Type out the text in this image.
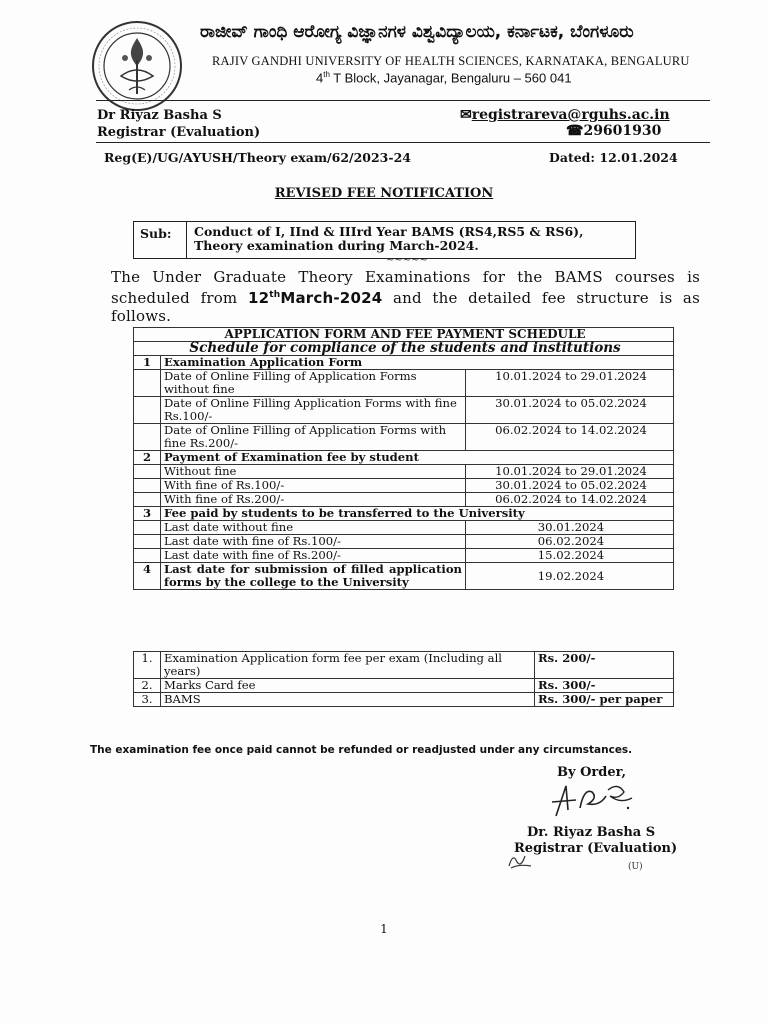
ರಾಜೀವ್ ಗಾಂಧಿ ಆರೋಗ್ಯ ವಿಜ್ಞಾನಗಳ ವಿಶ್ವವಿದ್ಯಾಲಯ, ಕರ್ನಾಟಕ, ಬೆಂಗಳೂರು
RAJIV GANDHI UNIVERSITY OF HEALTH SCIENCES, KARNATAKA, BENGALURU
4th T Block, Jayanagar, Bengaluru – 560 041
Dr Riyaz Basha S
Registrar (Evaluation)
✉registrareva@rguhs.ac.in
☎29601930
Reg(E)/UG/AYUSH/Theory exam/62/2023-24	Dated: 12.01.2024
REVISED FEE NOTIFICATION
Sub: Conduct of I, IInd & IIIrd Year BAMS (RS4,RS5 & RS6), Theory examination during March-2024.
~~~~~
The Under Graduate Theory Examinations for the BAMS courses is scheduled from 12thMarch-2024 and the detailed fee structure is as follows.
APPLICATION FORM AND FEE PAYMENT SCHEDULE		
Schedule for compliance of the students and institutions		
1	Examination Application Form	
	Date of Online Filling of Application Forms without fine	10.01.2024 to 29.01.2024
	Date of Online Filling Application Forms with fine Rs.100/-	30.01.2024 to 05.02.2024
	Date of Online Filling of Application Forms with fine Rs.200/-	06.02.2024 to 14.02.2024
2	Payment of Examination fee by student	
	Without fine	10.01.2024 to 29.01.2024
	With fine of Rs.100/-	30.01.2024 to 05.02.2024
	With fine of Rs.200/-	06.02.2024 to 14.02.2024
3	Fee paid by students to be transferred to the University	
	Last date without fine	30.01.2024
	Last date with fine of Rs.100/-	06.02.2024
	Last date with fine of Rs.200/-	15.02.2024
4	Last date for submission of filled application forms by the college to the University	19.02.2024
1.	Examination Application form fee per exam (Including all years)	Rs. 200/-
2.	Marks Card fee	Rs. 300/-
3.	BAMS	Rs. 300/- per paper
The examination fee once paid cannot be refunded or readjusted under any circumstances.
By Order,
Dr. Riyaz Basha S
Registrar (Evaluation)
(U)
1
